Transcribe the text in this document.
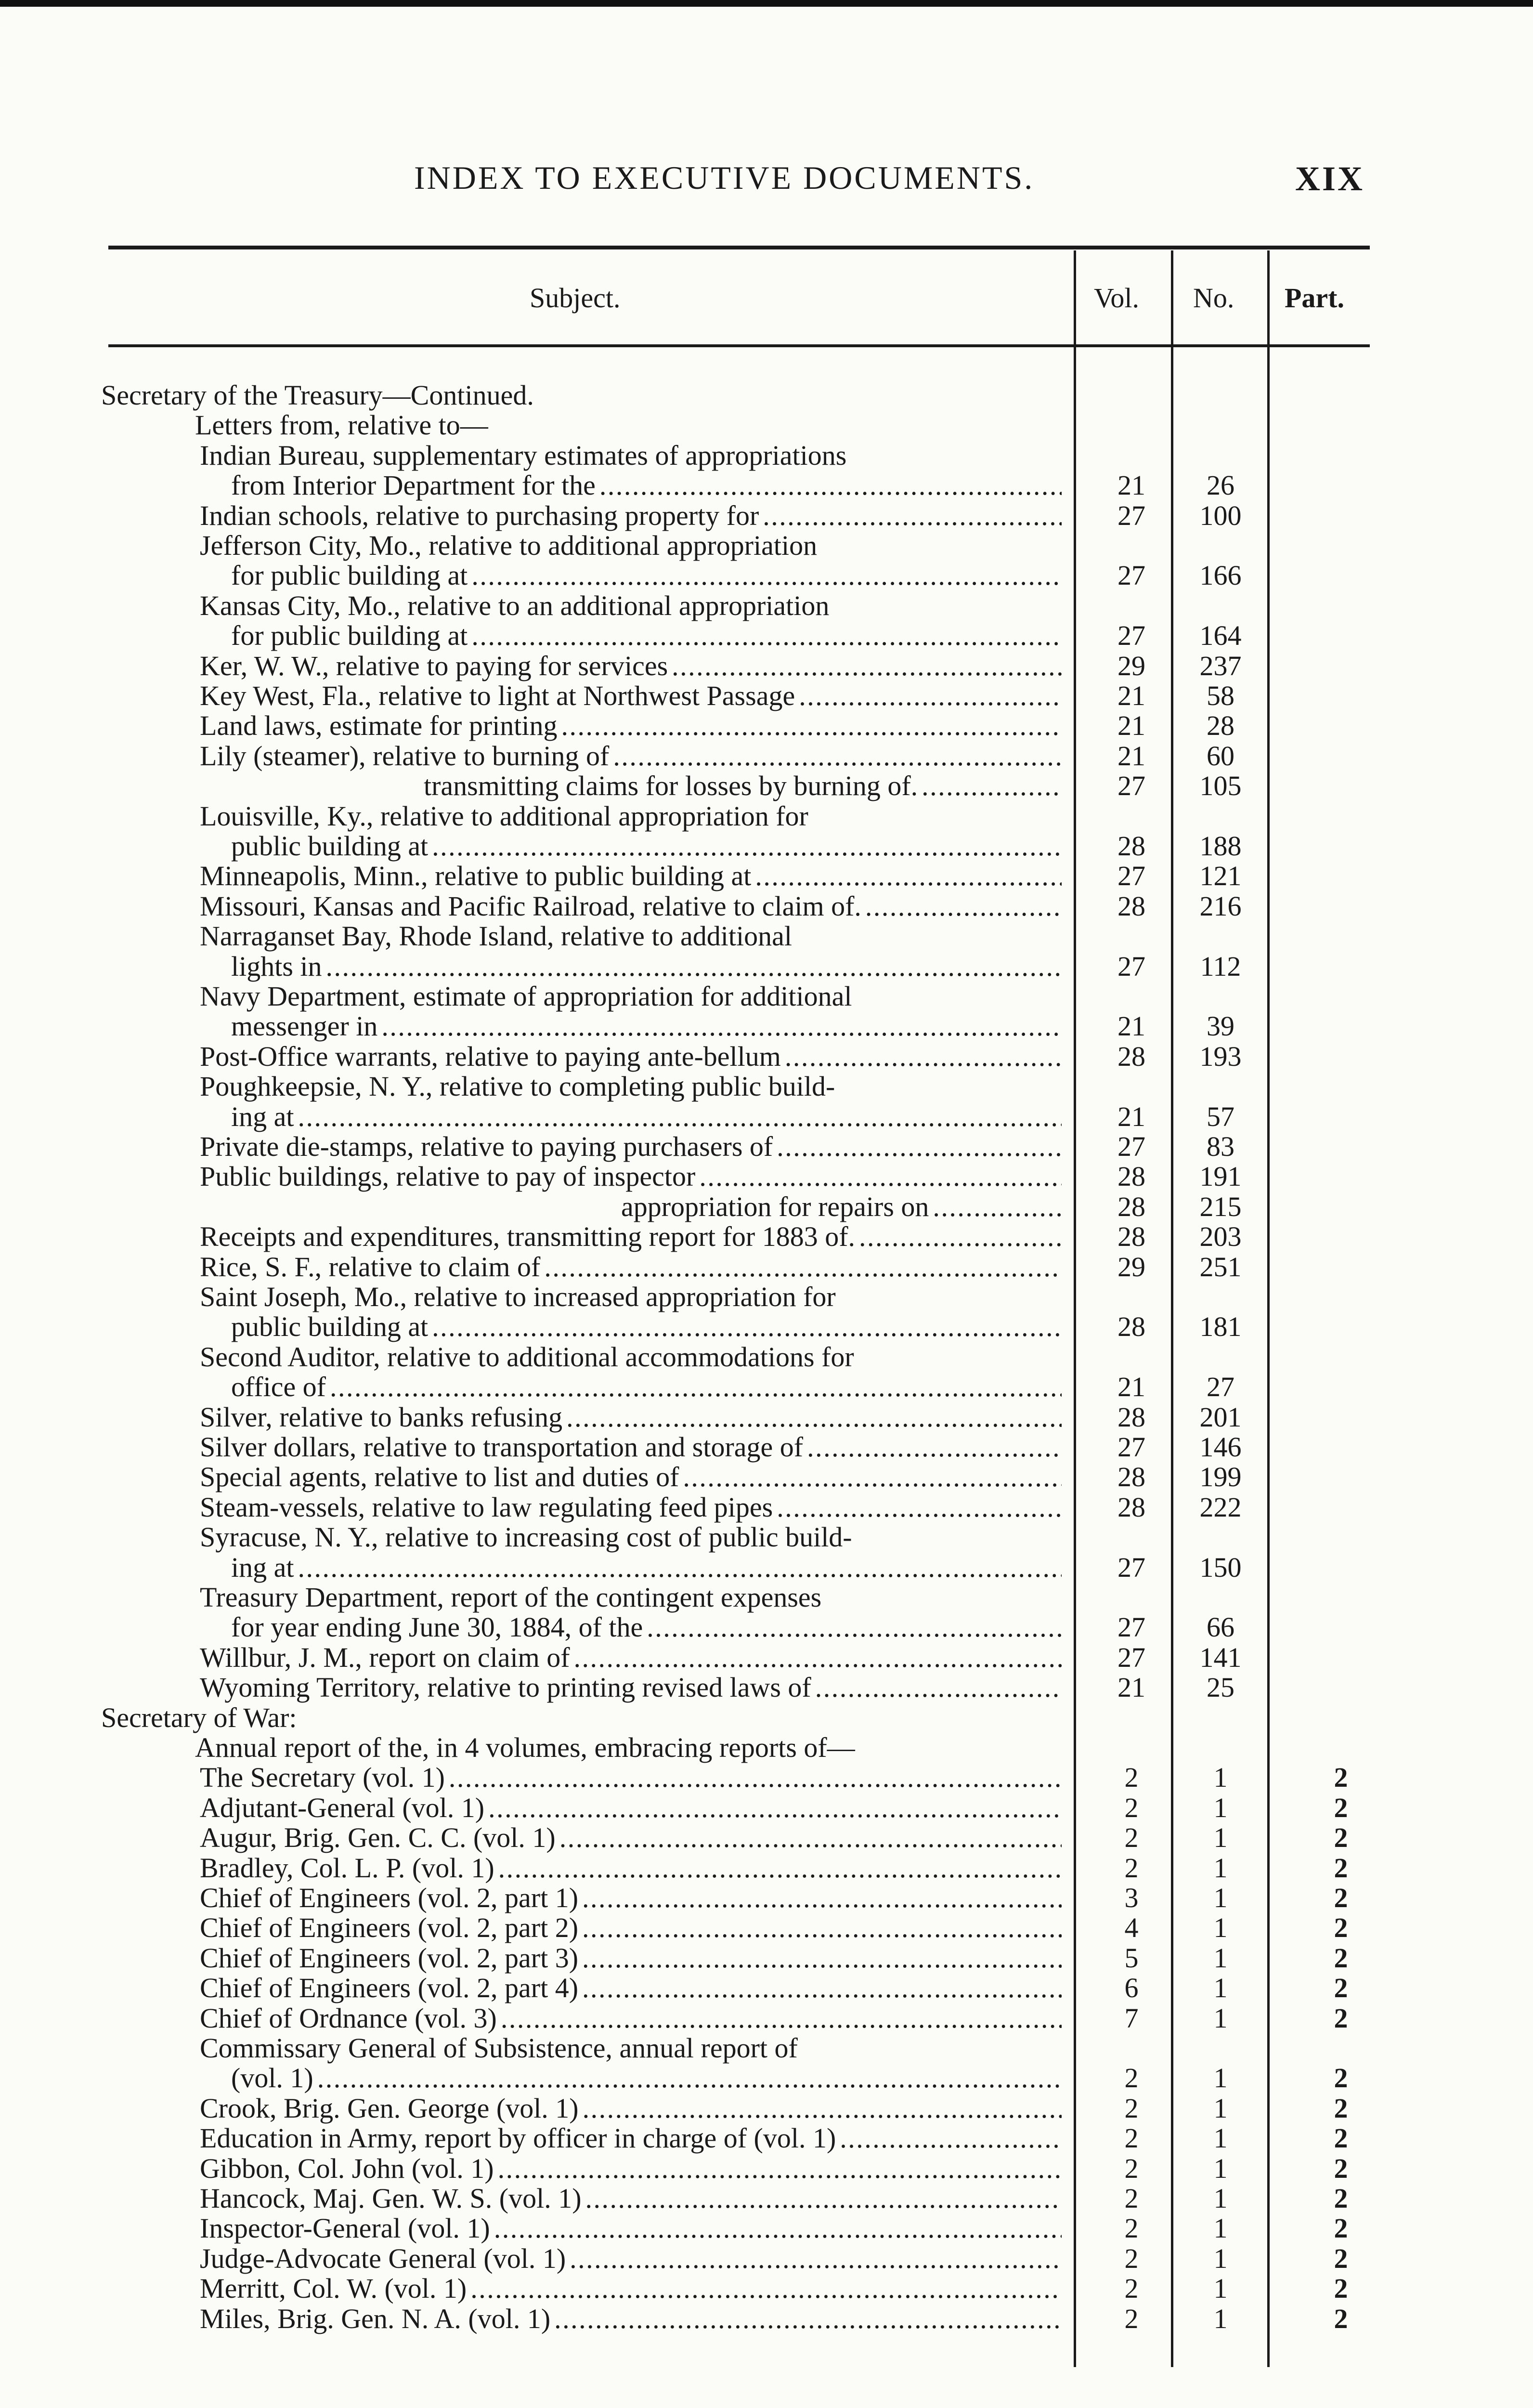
INDEX TO EXECUTIVE DOCUMENTS.	XIX
Subject.	Vol. No. Part.
Secretary of the Treasury—Continued.
Letters from, relative to—
Indian Bureau, supplementary estimates of appropriations
from Interior Department for the . . .	21	26
Indian schools, relative to purchasing property for . . .	27	100
Jefferson City, Mo., relative to additional appropriation
for public building at . . .	27	166
Kansas City, Mo., relative to an additional appropriation
for public building at . . .	27	164
Ker, W. W., relative to paying for services . . .	29	237
Key West, Fla., relative to light at Northwest Passage . . .	21	58
Land laws, estimate for printing . . .	21	28
Lily (steamer), relative to burning of . . .	21	60
transmitting claims for losses by burning of. . . .	27	105
Louisville, Ky., relative to additional appropriation for
public building at . . .	28	188
Minneapolis, Minn., relative to public building at . . .	27	121
Missouri, Kansas and Pacific Railroad, relative to claim of. . . .	28	216
Narraganset Bay, Rhode Island, relative to additional
lights in . . .	27	112
Navy Department, estimate of appropriation for additional
messenger in . . .	21	39
Post-Office warrants, relative to paying ante-bellum . . .	28	193
Poughkeepsie, N. Y., relative to completing public build-
ing at . . .	21	57
Private die-stamps, relative to paying purchasers of . . .	27	83
Public buildings, relative to pay of inspector . . .	28	191
appropriation for repairs on . . .	28	215
Receipts and expenditures, transmitting report for 1883 of. . . .	28	203
Rice, S. F., relative to claim of . . .	29	251
Saint Joseph, Mo., relative to increased appropriation for
public building at . . .	28	181
Second Auditor, relative to additional accommodations for
office of . . .	21	27
Silver, relative to banks refusing . . .	28	201
Silver dollars, relative to transportation and storage of . . .	27	146
Special agents, relative to list and duties of . . .	28	199
Steam-vessels, relative to law regulating feed pipes . . .	28	222
Syracuse, N. Y., relative to increasing cost of public build-
ing at . . .	27	150
Treasury Department, report of the contingent expenses
for year ending June 30, 1884, of the . . .	27	66
Willbur, J. M., report on claim of . . .	27	141
Wyoming Territory, relative to printing revised laws of . . .	21	25
Secretary of War:
Annual report of the, in 4 volumes, embracing reports of—
The Secretary (vol. 1) . . .	2	1	2
Adjutant-General (vol. 1) . . .	2	1	2
Augur, Brig. Gen. C. C. (vol. 1) . . .	2	1	2
Bradley, Col. L. P. (vol. 1) . . .	2	1	2
Chief of Engineers (vol. 2, part 1) . . .	3	1	2
Chief of Engineers (vol. 2, part 2) . . .	4	1	2
Chief of Engineers (vol. 2, part 3) . . .	5	1	2
Chief of Engineers (vol. 2, part 4) . . .	6	1	2
Chief of Ordnance (vol. 3) . . .	7	1	2
Commissary General of Subsistence, annual report of
(vol. 1) . . .	2	1	2
Crook, Brig. Gen. George (vol. 1) . . .	2	1	2
Education in Army, report by officer in charge of (vol. 1) . . .	2	1	2
Gibbon, Col. John (vol. 1) . . .	2	1	2
Hancock, Maj. Gen. W. S. (vol. 1) . . .	2	1	2
Inspector-General (vol. 1) . . .	2	1	2
Judge-Advocate General (vol. 1) . . .	2	1	2
Merritt, Col. W. (vol. 1) . . .	2	1	2
Miles, Brig. Gen. N. A. (vol. 1) . . .	2	1	2
